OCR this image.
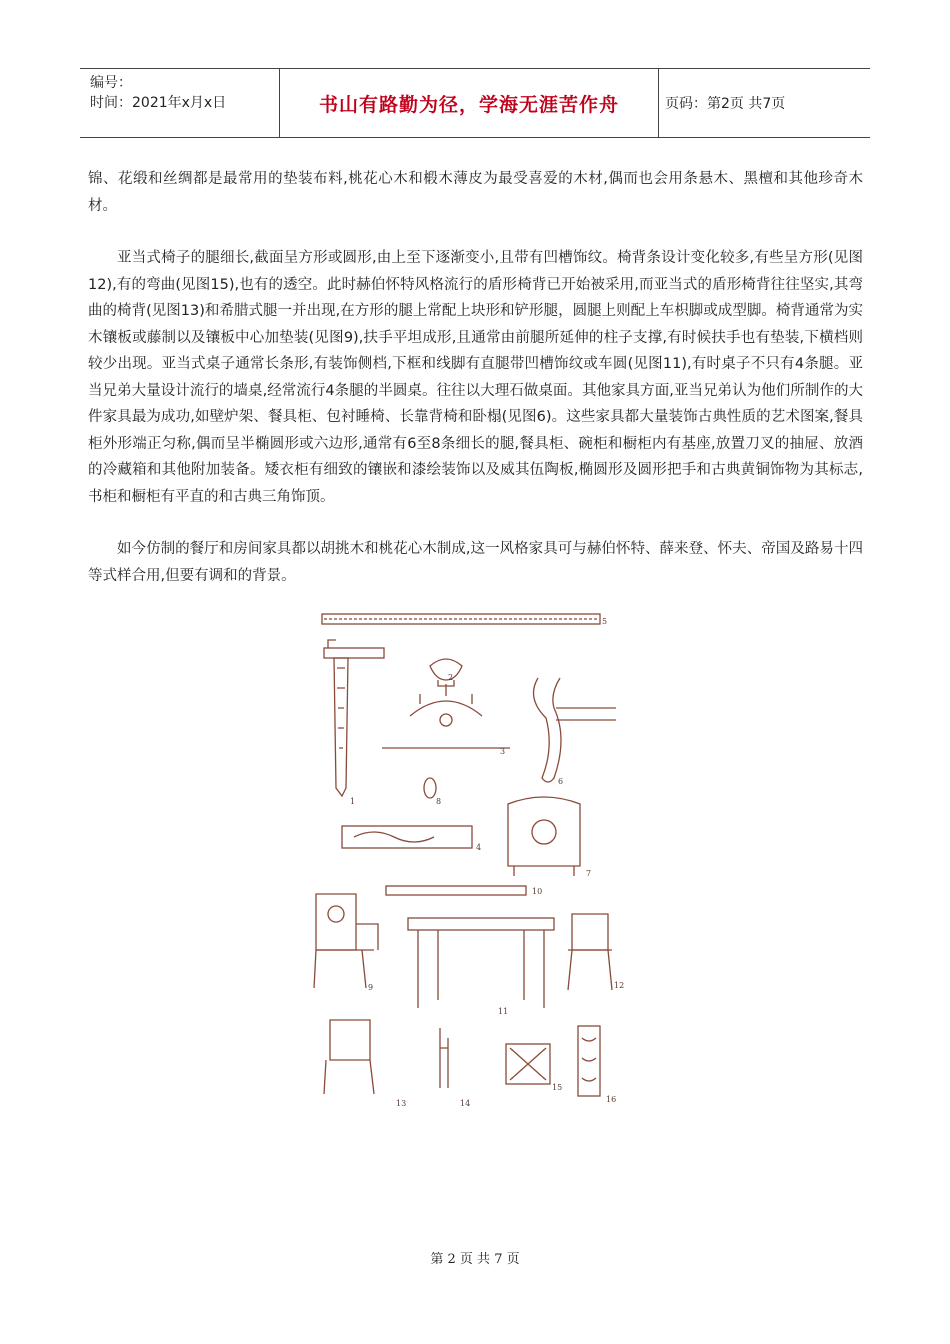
编号：
时间：2021年x月x日	书山有路勤为径，学海无涯苦作舟	页码：第2页 共7页

锦、花缎和丝绸都是最常用的垫装布料,桃花心木和椴木薄皮为最受喜爱的木材,偶而也会用条悬木、黑檀和其他珍奇木材。

亚当式椅子的腿细长,截面呈方形或圆形,由上至下逐渐变小,且带有凹槽饰纹。椅背条设计变化较多,有些呈方形(见图12),有的弯曲(见图15),也有的透空。此时赫伯怀特风格流行的盾形椅背已开始被采用,而亚当式的盾形椅背往往坚实,其弯曲的椅背(见图13)和希腊式腿一并出现,在方形的腿上常配上块形和铲形腿，圆腿上则配上车枳脚或成型脚。椅背通常为实木镶板或藤制以及镶板中心加垫装(见图9),扶手平坦成形,且通常由前腿所延伸的柱子支撑,有时候扶手也有垫装,下横档则较少出现。亚当式桌子通常长条形,有装饰侧档,下框和线脚有直腿带凹槽饰纹或车圆(见图11),有时桌子不只有4条腿。亚当兄弟大量设计流行的墙桌,经常流行4条腿的半圆桌。往往以大理石做桌面。其他家具方面,亚当兄弟认为他们所制作的大件家具最为成功,如壁炉架、餐具柜、包衬睡椅、长靠背椅和卧榻(见图6)。这些家具都大量装饰古典性质的艺术图案,餐具柜外形端正匀称,偶而呈半椭圆形或六边形,通常有6至8条细长的腿,餐具柜、碗柜和橱柜内有基座,放置刀叉的抽屉、放酒的冷藏箱和其他附加装备。矮衣柜有细致的镶嵌和漆绘装饰以及威其伍陶板,椭圆形及圆形把手和古典黄铜饰物为其标志,书柜和橱柜有平直的和古典三角饰顶。

如今仿制的餐厅和房间家具都以胡挑木和桃花心木制成,这一风格家具可与赫伯怀特、薛来登、怀夫、帝国及路易十四等式样合用,但要有调和的背景。

1
2
3
4
5
6
7
8
9
10
11
12
13	14
15
16
第 2 页 共 7 页
